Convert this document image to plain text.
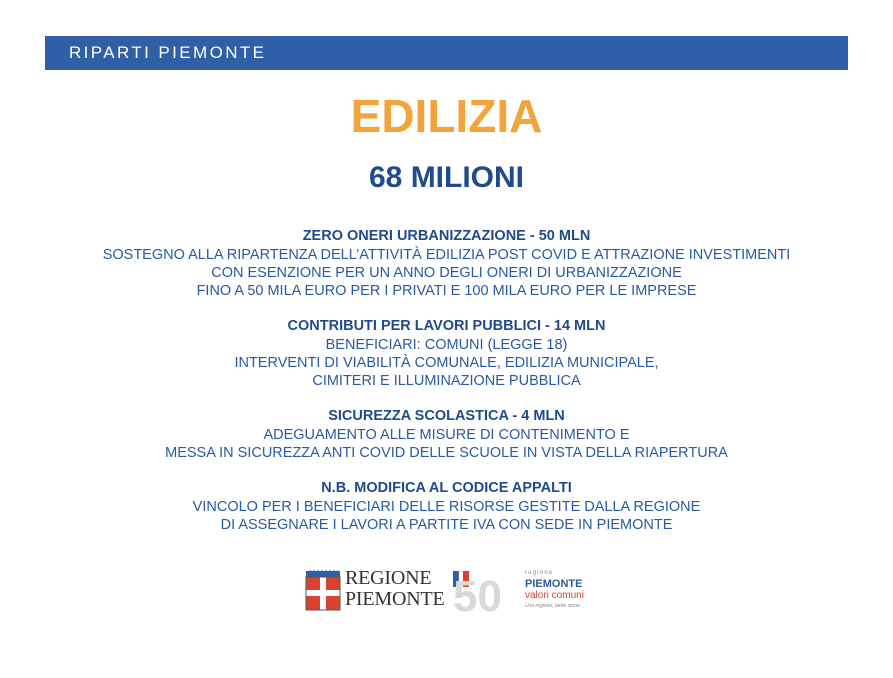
RIPARTI PIEMONTE
EDILIZIA
68 MILIONI
ZERO ONERI URBANIZZAZIONE - 50 MLN
SOSTEGNO ALLA RIPARTENZA DELL’ATTIVITÀ EDILIZIA POST COVID E ATTRAZIONE INVESTIMENTI
CON ESENZIONE PER UN ANNO DEGLI ONERI DI URBANIZZAZIONE
FINO A 50 MILA EURO PER I PRIVATI E 100 MILA EURO PER LE IMPRESE
CONTRIBUTI PER LAVORI PUBBLICI - 14 MLN
BENEFICIARI: COMUNI (LEGGE 18)
INTERVENTI DI VIABILITÀ COMUNALE, EDILIZIA MUNICIPALE,
CIMITERI E ILLUMINAZIONE PUBBLICA
SICUREZZA SCOLASTICA - 4 MLN
ADEGUAMENTO ALLE MISURE DI CONTENIMENTO E
MESSA IN SICUREZZA ANTI COVID DELLE SCUOLE IN VISTA DELLA RIAPERTURA
N.B. MODIFICA AL CODICE APPALTI
VINCOLO PER I BENEFICIARI DELLE RISORSE GESTITE DALLA REGIONE
DI ASSEGNARE I LAVORI A PARTITE IVA CON SEDE IN PIEMONTE
REGIONE
PIEMONTE 50	regione
PIEMONTE
valori comuni
Una regione, tante storie
